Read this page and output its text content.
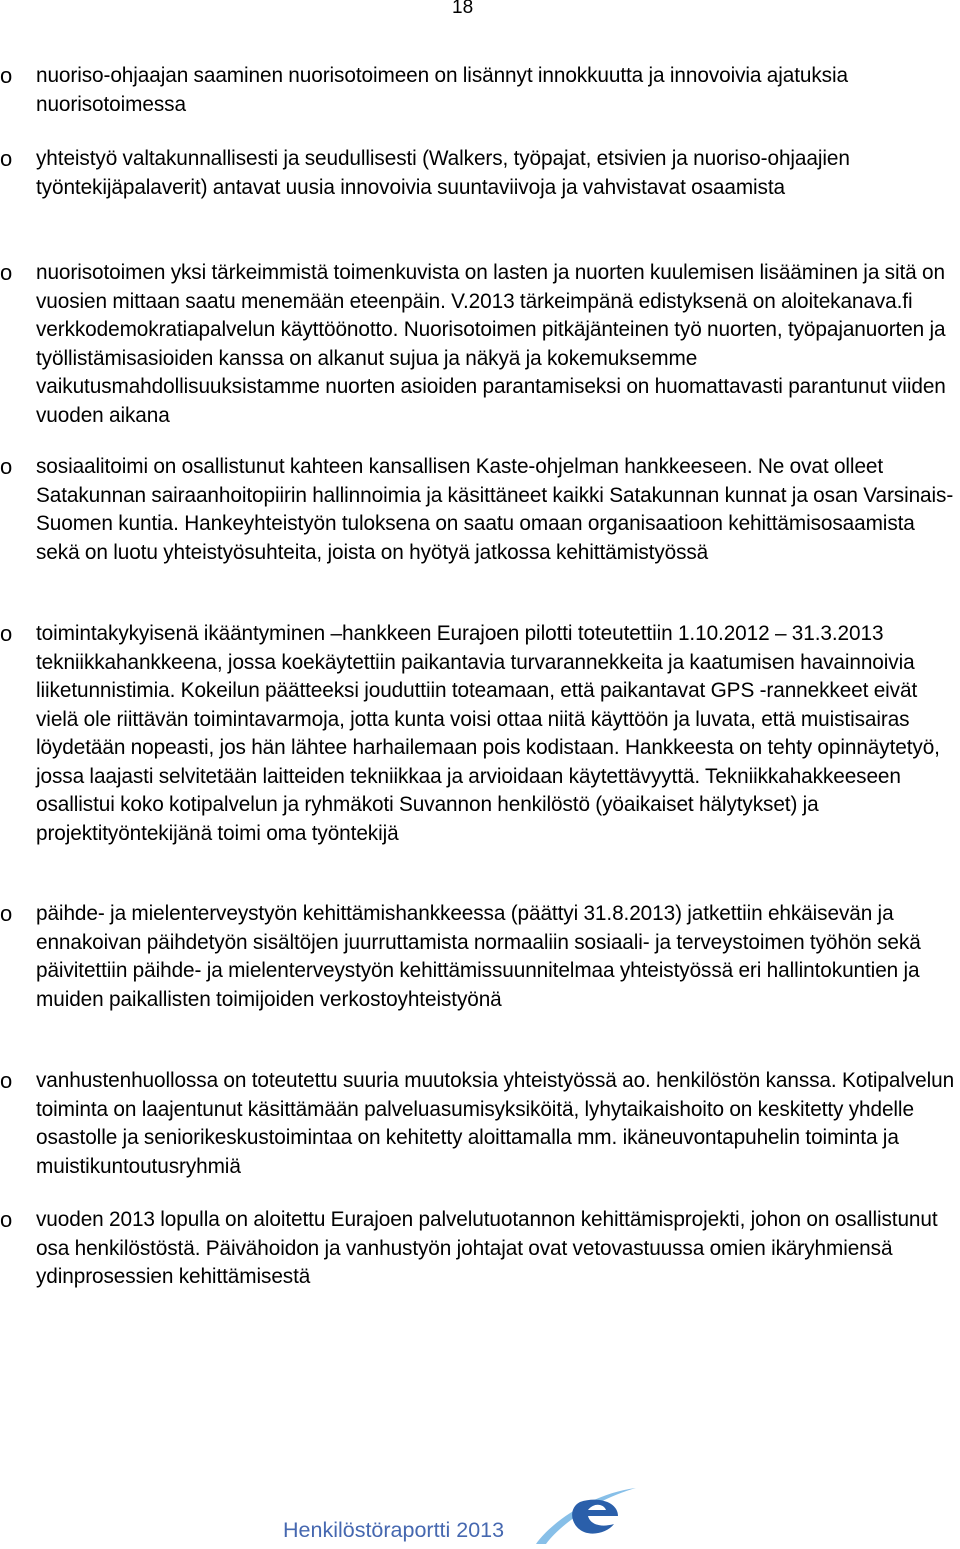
18
o nuoriso-ohjaajan saaminen nuorisotoimeen on lisännyt innokkuutta ja innovoivia ajatuksia nuorisotoimessa
o yhteistyö valtakunnallisesti ja seudullisesti (Walkers, työpajat, etsivien ja nuoriso-ohjaajien työntekijäpalaverit) antavat uusia innovoivia suuntaviivoja ja vahvistavat osaamista
o nuorisotoimen yksi tärkeimmistä toimenkuvista on lasten ja nuorten kuulemisen lisääminen ja sitä on vuosien mittaan saatu menemään eteenpäin. V.2013 tärkeimpänä edistyksenä on aloitekanava.fi verkkodemokratiapalvelun käyttöönotto. Nuorisotoimen pitkäjänteinen työ nuorten, työpajanuorten ja työllistämisasioiden kanssa on alkanut sujua ja näkyä ja kokemuksemme vaikutusmahdollisuuksistamme nuorten asioiden parantamiseksi on huomattavasti parantunut viiden vuoden aikana
o sosiaalitoimi on osallistunut kahteen kansallisen Kaste-ohjelman hankkeeseen. Ne ovat olleet Satakunnan sairaanhoitopiirin hallinnoimia ja käsittäneet kaikki Satakunnan kunnat ja osan Varsinais-Suomen kuntia. Hankeyhteistyön tuloksena on saatu omaan organisaatioon kehittämisosaamista sekä on luotu yhteistyösuhteita, joista on hyötyä jatkossa kehittämistyössä
o toimintakykyisenä ikääntyminen –hankkeen Eurajoen pilotti toteutettiin 1.10.2012 – 31.3.2013 tekniikkahankkeena, jossa koekäytettiin paikantavia turvarannekkeita ja kaatumisen havainnoivia liiketunnistimia. Kokeilun päätteeksi jouduttiin toteamaan, että paikantavat GPS -rannekkeet eivät vielä ole riittävän toimintavarmoja, jotta kunta voisi ottaa niitä käyttöön ja luvata, että muistisairas löydetään nopeasti, jos hän lähtee harhailemaan pois kodistaan. Hankkeesta on tehty opinnäytetyö, jossa laajasti selvitetään laitteiden tekniikkaa ja arvioidaan käytettävyyttä. Tekniikkahakkeeseen osallistui koko kotipalvelun ja ryhmäkoti Suvannon henkilöstö (yöaikaiset hälytykset) ja projektityöntekijänä toimi oma työntekijä
o päihde- ja mielenterveystyön kehittämishankkeessa (päättyi 31.8.2013) jatkettiin ehkäisevän ja ennakoivan päihdetyön sisältöjen juurruttamista normaaliin sosiaali- ja terveystoimen työhön sekä päivitettiin päihde- ja mielenterveystyön kehittämissuunnitelmaa yhteistyössä eri hallintokuntien ja muiden paikallisten toimijoiden verkostoyhteistyönä
o vanhustenhuollossa on toteutettu suuria muutoksia yhteistyössä ao. henkilöstön kanssa. Kotipalvelun toiminta on laajentunut käsittämään palveluasumisyksiköitä, lyhytaikaishoito on keskitetty yhdelle osastolle ja seniorikeskustoimintaa on kehitetty aloittamalla mm. ikäneuvontapuhelin toiminta ja muistikuntoutusryhmiä
o vuoden 2013 lopulla on aloitettu Eurajoen palvelutuotannon kehittämisprojekti, johon on osallistunut osa henkilöstöstä. Päivähoidon ja vanhustyön johtajat ovat vetovastuussa omien ikäryhmiensä ydinprosessien kehittämisestä
Henkilöstöraportti 2013
